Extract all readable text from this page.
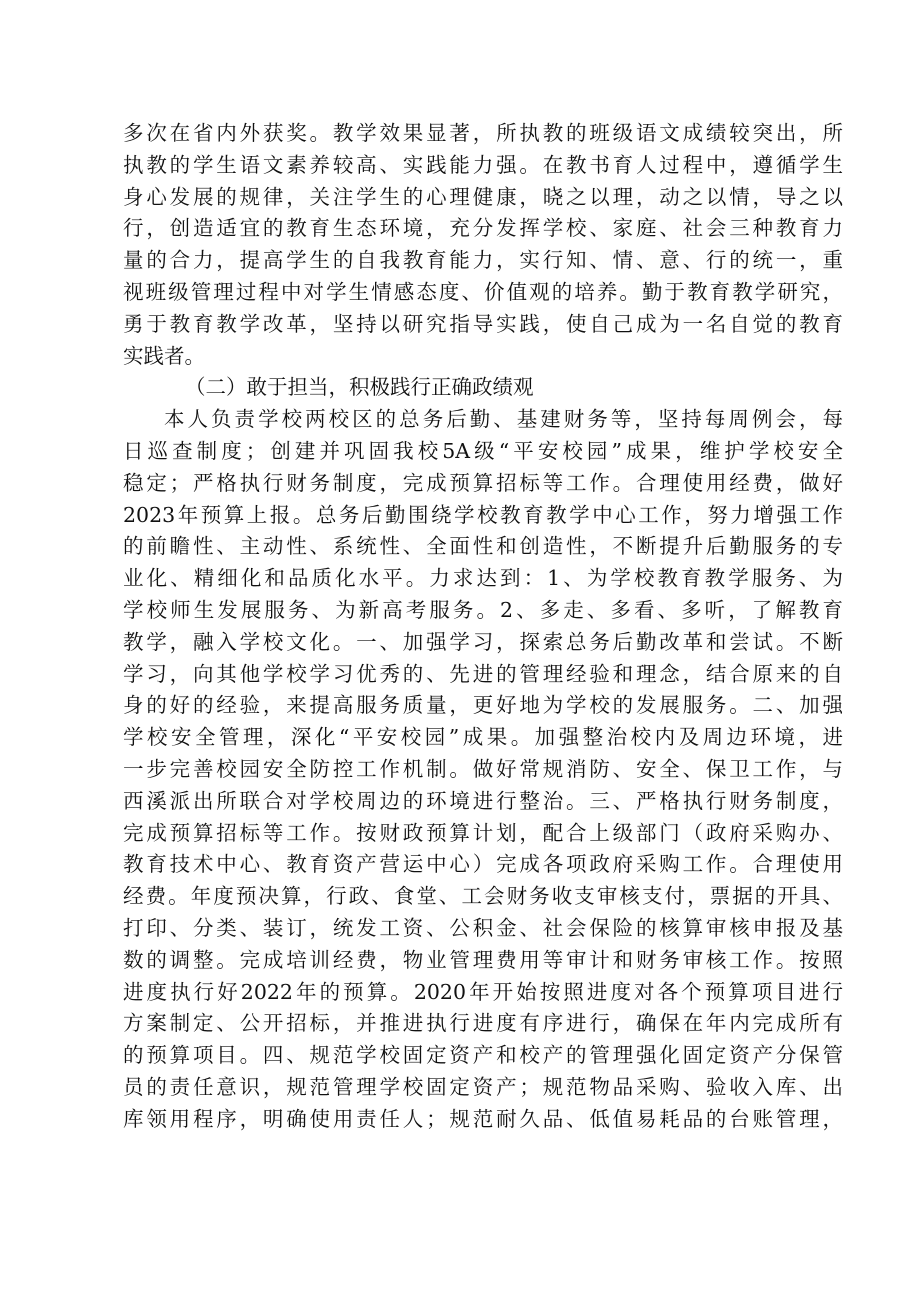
多次在省内外获奖。教学效果显著，所执教的班级语文成绩较突出，所
执教的学生语文素养较高、实践能力强。在教书育人过程中，遵循学生
身心发展的规律，关注学生的心理健康，晓之以理，动之以情，导之以
行，创造适宜的教育生态环境，充分发挥学校、家庭、社会三种教育力
量的合力，提高学生的自我教育能力，实行知、情、意、行的统一，重
视班级管理过程中对学生情感态度、价值观的培养。勤于教育教学研究，
勇于教育教学改革，坚持以研究指导实践，使自己成为一名自觉的教育
实践者。
（二）敢于担当，积极践行正确政绩观
本人负责学校两校区的总务后勤、基建财务等，坚持每周例会，每
日巡查制度；创建并巩固我校5A级“平安校园”成果，维护学校安全
稳定；严格执行财务制度，完成预算招标等工作。合理使用经费，做好
2023年预算上报。总务后勤围绕学校教育教学中心工作，努力增强工作
的前瞻性、主动性、系统性、全面性和创造性，不断提升后勤服务的专
业化、精细化和品质化水平。力求达到：1、为学校教育教学服务、为
学校师生发展服务、为新高考服务。2、多走、多看、多听，了解教育
教学，融入学校文化。一、加强学习，探索总务后勤改革和尝试。不断
学习，向其他学校学习优秀的、先进的管理经验和理念，结合原来的自
身的好的经验，来提高服务质量，更好地为学校的发展服务。二、加强
学校安全管理，深化“平安校园”成果。加强整治校内及周边环境，进
一步完善校园安全防控工作机制。做好常规消防、安全、保卫工作，与
西溪派出所联合对学校周边的环境进行整治。三、严格执行财务制度，
完成预算招标等工作。按财政预算计划，配合上级部门（政府采购办、
教育技术中心、教育资产营运中心）完成各项政府采购工作。合理使用
经费。年度预决算，行政、食堂、工会财务收支审核支付，票据的开具、
打印、分类、装订，统发工资、公积金、社会保险的核算审核申报及基
数的调整。完成培训经费，物业管理费用等审计和财务审核工作。按照
进度执行好2022年的预算。2020年开始按照进度对各个预算项目进行
方案制定、公开招标，并推进执行进度有序进行，确保在年内完成所有
的预算项目。四、规范学校固定资产和校产的管理强化固定资产分保管
员的责任意识，规范管理学校固定资产；规范物品采购、验收入库、出
库领用程序，明确使用责任人；规范耐久品、低值易耗品的台账管理，
